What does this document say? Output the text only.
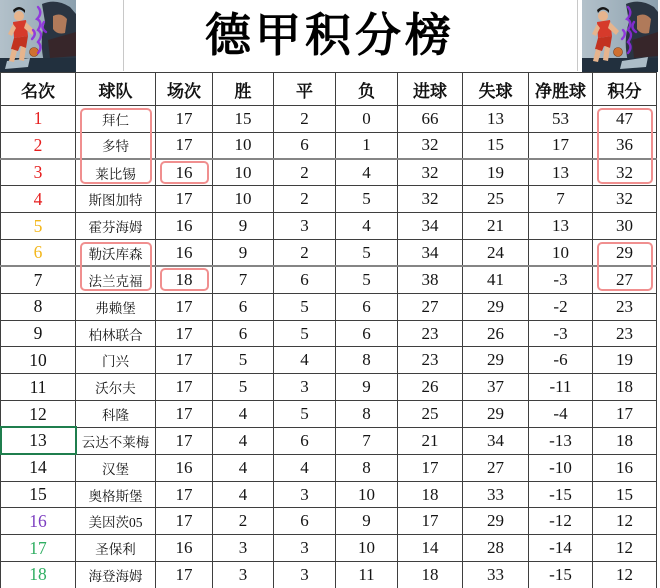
德甲积分榜
名次	球队	场次	胜	平	负	进球	失球	净胜球	积分
1	拜仁	17	15	2	0	66	13	53	47
2	多特	17	10	6	1	32	15	17	36
3	莱比锡	16	10	2	4	32	19	13	32
4	斯图加特	17	10	2	5	32	25	7	32
5	霍芬海姆	16	9	3	4	34	21	13	30
6	勒沃库森	16	9	2	5	34	24	10	29
7	法兰克福	18	7	6	5	38	41	-3	27
8	弗赖堡	17	6	5	6	27	29	-2	23
9	柏林联合	17	6	5	6	23	26	-3	23
10	门兴	17	5	4	8	23	29	-6	19
11	沃尔夫	17	5	3	9	26	37	-11	18
12	科隆	17	4	5	8	25	29	-4	17
13	云达不莱梅	17	4	6	7	21	34	-13	18
14	汉堡	16	4	4	8	17	27	-10	16
15	奥格斯堡	17	4	3	10	18	33	-15	15
16	美因茨05	17	2	6	9	17	29	-12	12
17	圣保利	16	3	3	10	14	28	-14	12
18	海登海姆	17	3	3	11	18	33	-15	12
